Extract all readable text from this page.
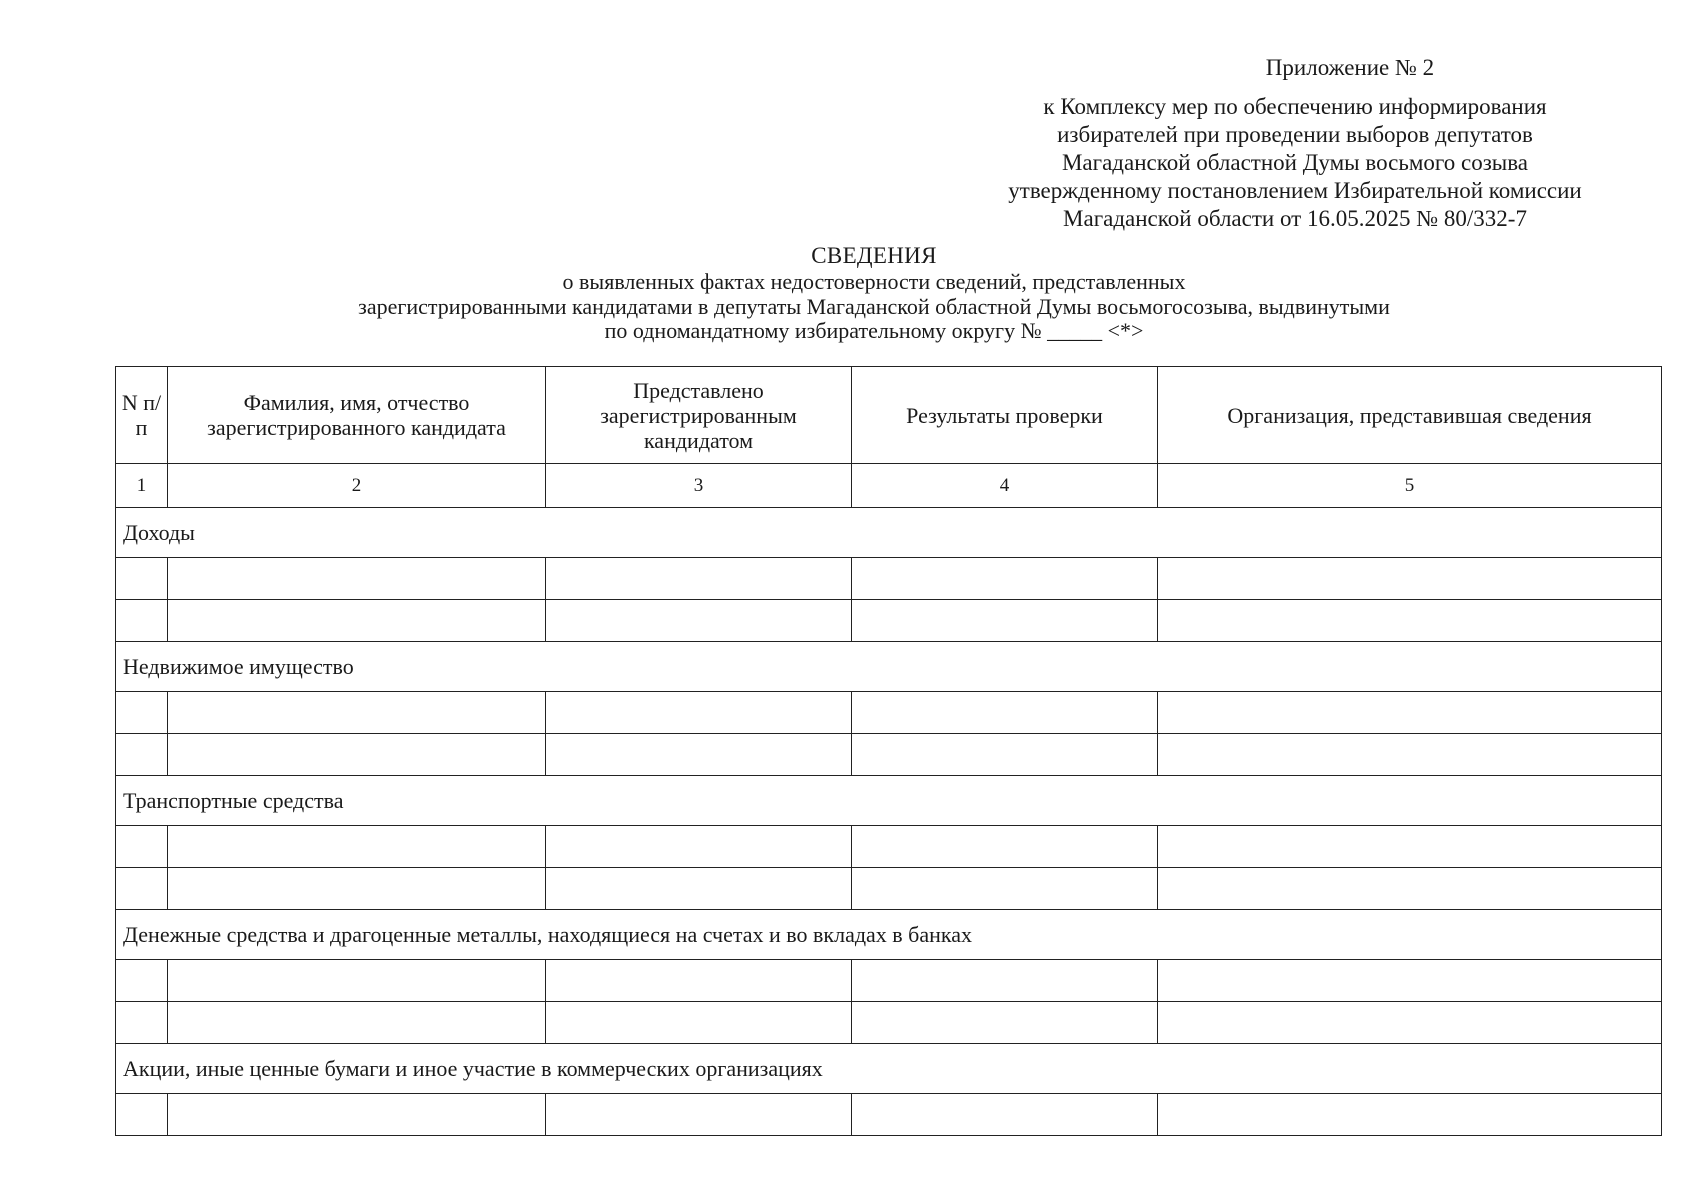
Приложение № 2
к Комплексу мер по обеспечению информирования
избирателей при проведении выборов депутатов
Магаданской областной Думы восьмого созыва
утвержденному постановлением Избирательной комиссии
Магаданской области от 16.05.2025 № 80/332-7
СВЕДЕНИЯ
о выявленных фактах недостоверности сведений, представленных
зарегистрированными кандидатами в депутаты Магаданской областной Думы восьмогосозыва, выдвинутыми
по одномандатному избирательному округу № _____ <*>
N п/п	Фамилия, имя, отчество зарегистрированного кандидата	Представлено зарегистрированным кандидатом	Результаты проверки	Организация, представившая сведения
1	2	3	4	5
Доходы				

Недвижимое имущество				

Транспортные средства				

Денежные средства и драгоценные металлы, находящиеся на счетах и во вкладах в банках				

Акции, иные ценные бумаги и иное участие в коммерческих организациях				
